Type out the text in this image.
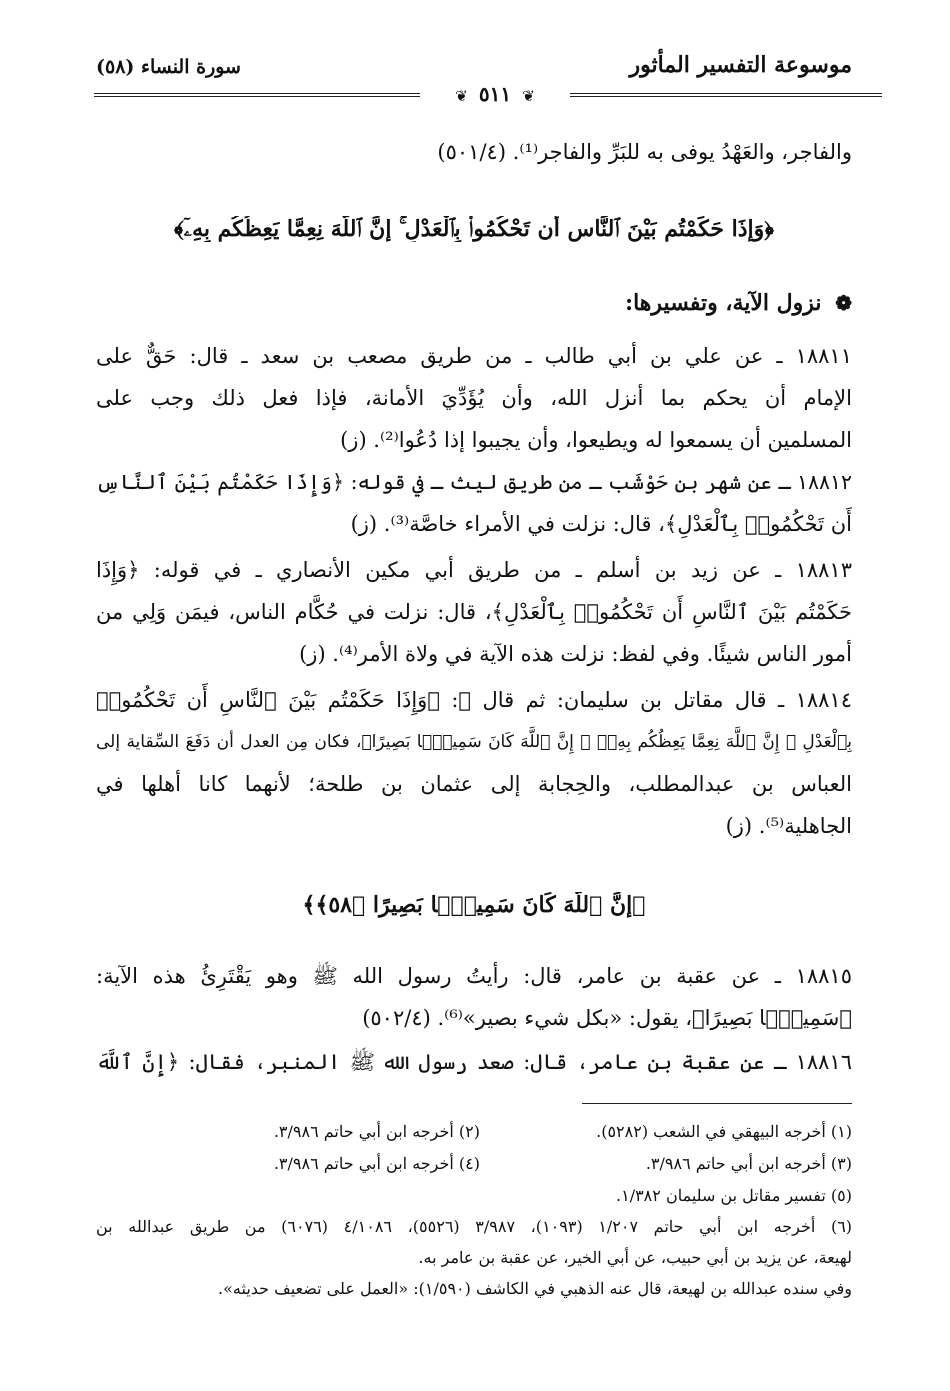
موسوعة التفسير المأثور
سورة النساء (٥٨)
❦ ٥١١ ❦
والفاجر، والعَهْدُ يوفى به للبَرِّ والفاجر⁽¹⁾. (٥٠١/٤)
﴿وَإِذَا حَكَمْتُم بَيْنَ ٱلنَّاسِ أَن تَحْكُمُوا۟ بِٱلْعَدْلِ ۚ إِنَّ ٱللَّهَ نِعِمَّا يَعِظُكُم بِهِۦٓ﴾
❁ نزول الآية، وتفسيرها:
١٨٨١١ ـ عن علي بن أبي طالب ـ من طريق مصعب بن سعد ـ قال: حَقٌّ على
الإمام أن يحكم بما أنزل الله، وأن يُؤَدِّيَ الأمانة، فإذا فعل ذلك وجب على
المسلمين أن يسمعوا له ويطيعوا، وأن يجيبوا إذا دُعُوا⁽²⁾. (ز)
١٨٨١٢ ـ عن شهر بن حَوْشَب ـ من طريق ليث ـ في قوله: ﴿وَإِذَا حَكَمْتُم بَيْنَ ٱلنَّاسِ
أَن تَحْكُمُوا۟ بِٱلْعَدْلِ﴾، قال: نزلت في الأمراء خاصَّة⁽³⁾. (ز)
١٨٨١٣ ـ عن زيد بن أسلم ـ من طريق أبي مكين الأنصاري ـ في قوله: ﴿وَإِذَا
حَكَمْتُم بَيْنَ ٱلنَّاسِ أَن تَحْكُمُوا۟ بِٱلْعَدْلِ﴾، قال: نزلت في حُكَّام الناس، فيمَن وَلِي من
أمور الناس شيئًا. وفي لفظ: نزلت هذه الآية في ولاة الأمر⁽⁴⁾. (ز)
١٨٨١٤ ـ قال مقاتل بن سليمان: ثم قال ﷻ: ﴿وَإِذَا حَكَمْتُم بَيْنَ ٱلنَّاسِ أَن تَحْكُمُوا۟
بِٱلْعَدْلِ ۚ إِنَّ ٱللَّهَ نِعِمَّا يَعِظُكُم بِهِۦٓ ۗ إِنَّ ٱللَّهَ كَانَ سَمِيعًۢا بَصِيرًا﴾، فكان مِن العدل أن دَفَعَ السِّقاية إلى
العباس بن عبدالمطلب، والحِجابة إلى عثمان بن طلحة؛ لأنهما كانا أهلها في
الجاهلية⁽⁵⁾. (ز)
﴿إِنَّ ٱللَّهَ كَانَ سَمِيعًۢا بَصِيرًا ﴿٥٨﴾﴾
١٨٨١٥ ـ عن عقبة بن عامر، قال: رأيتُ رسول الله ﷺ وهو يَقْتَرِئُ هذه الآية:
﴿سَمِيعًۢا بَصِيرًا﴾، يقول: «بكل شيء بصير»⁽⁶⁾. (٥٠٢/٤)
١٨٨١٦ ـ عن عقبة بن عامر، قال: صعد رسول الله ﷺ المنبر، فقال: ﴿إِنَّ ٱللَّهَ
(١) أخرجه البيهقي في الشعب (٥٢٨٢).
(٢) أخرجه ابن أبي حاتم ٣/٩٨٦.
(٣) أخرجه ابن أبي حاتم ٣/٩٨٦.
(٤) أخرجه ابن أبي حاتم ٣/٩٨٦.
(٥) تفسير مقاتل بن سليمان ١/٣٨٢.
(٦) أخرجه ابن أبي حاتم ١/٢٠٧ (١٠٩٣)، ٣/٩٨٧ (٥٥٢٦)، ٤/١٠٨٦ (٦٠٧٦) من طريق عبدالله بن
لهيعة، عن يزيد بن أبي حبيب، عن أبي الخير، عن عقبة بن عامر به.
وفي سنده عبدالله بن لهيعة، قال عنه الذهبي في الكاشف (١/٥٩٠): «العمل على تضعيف حديثه».
